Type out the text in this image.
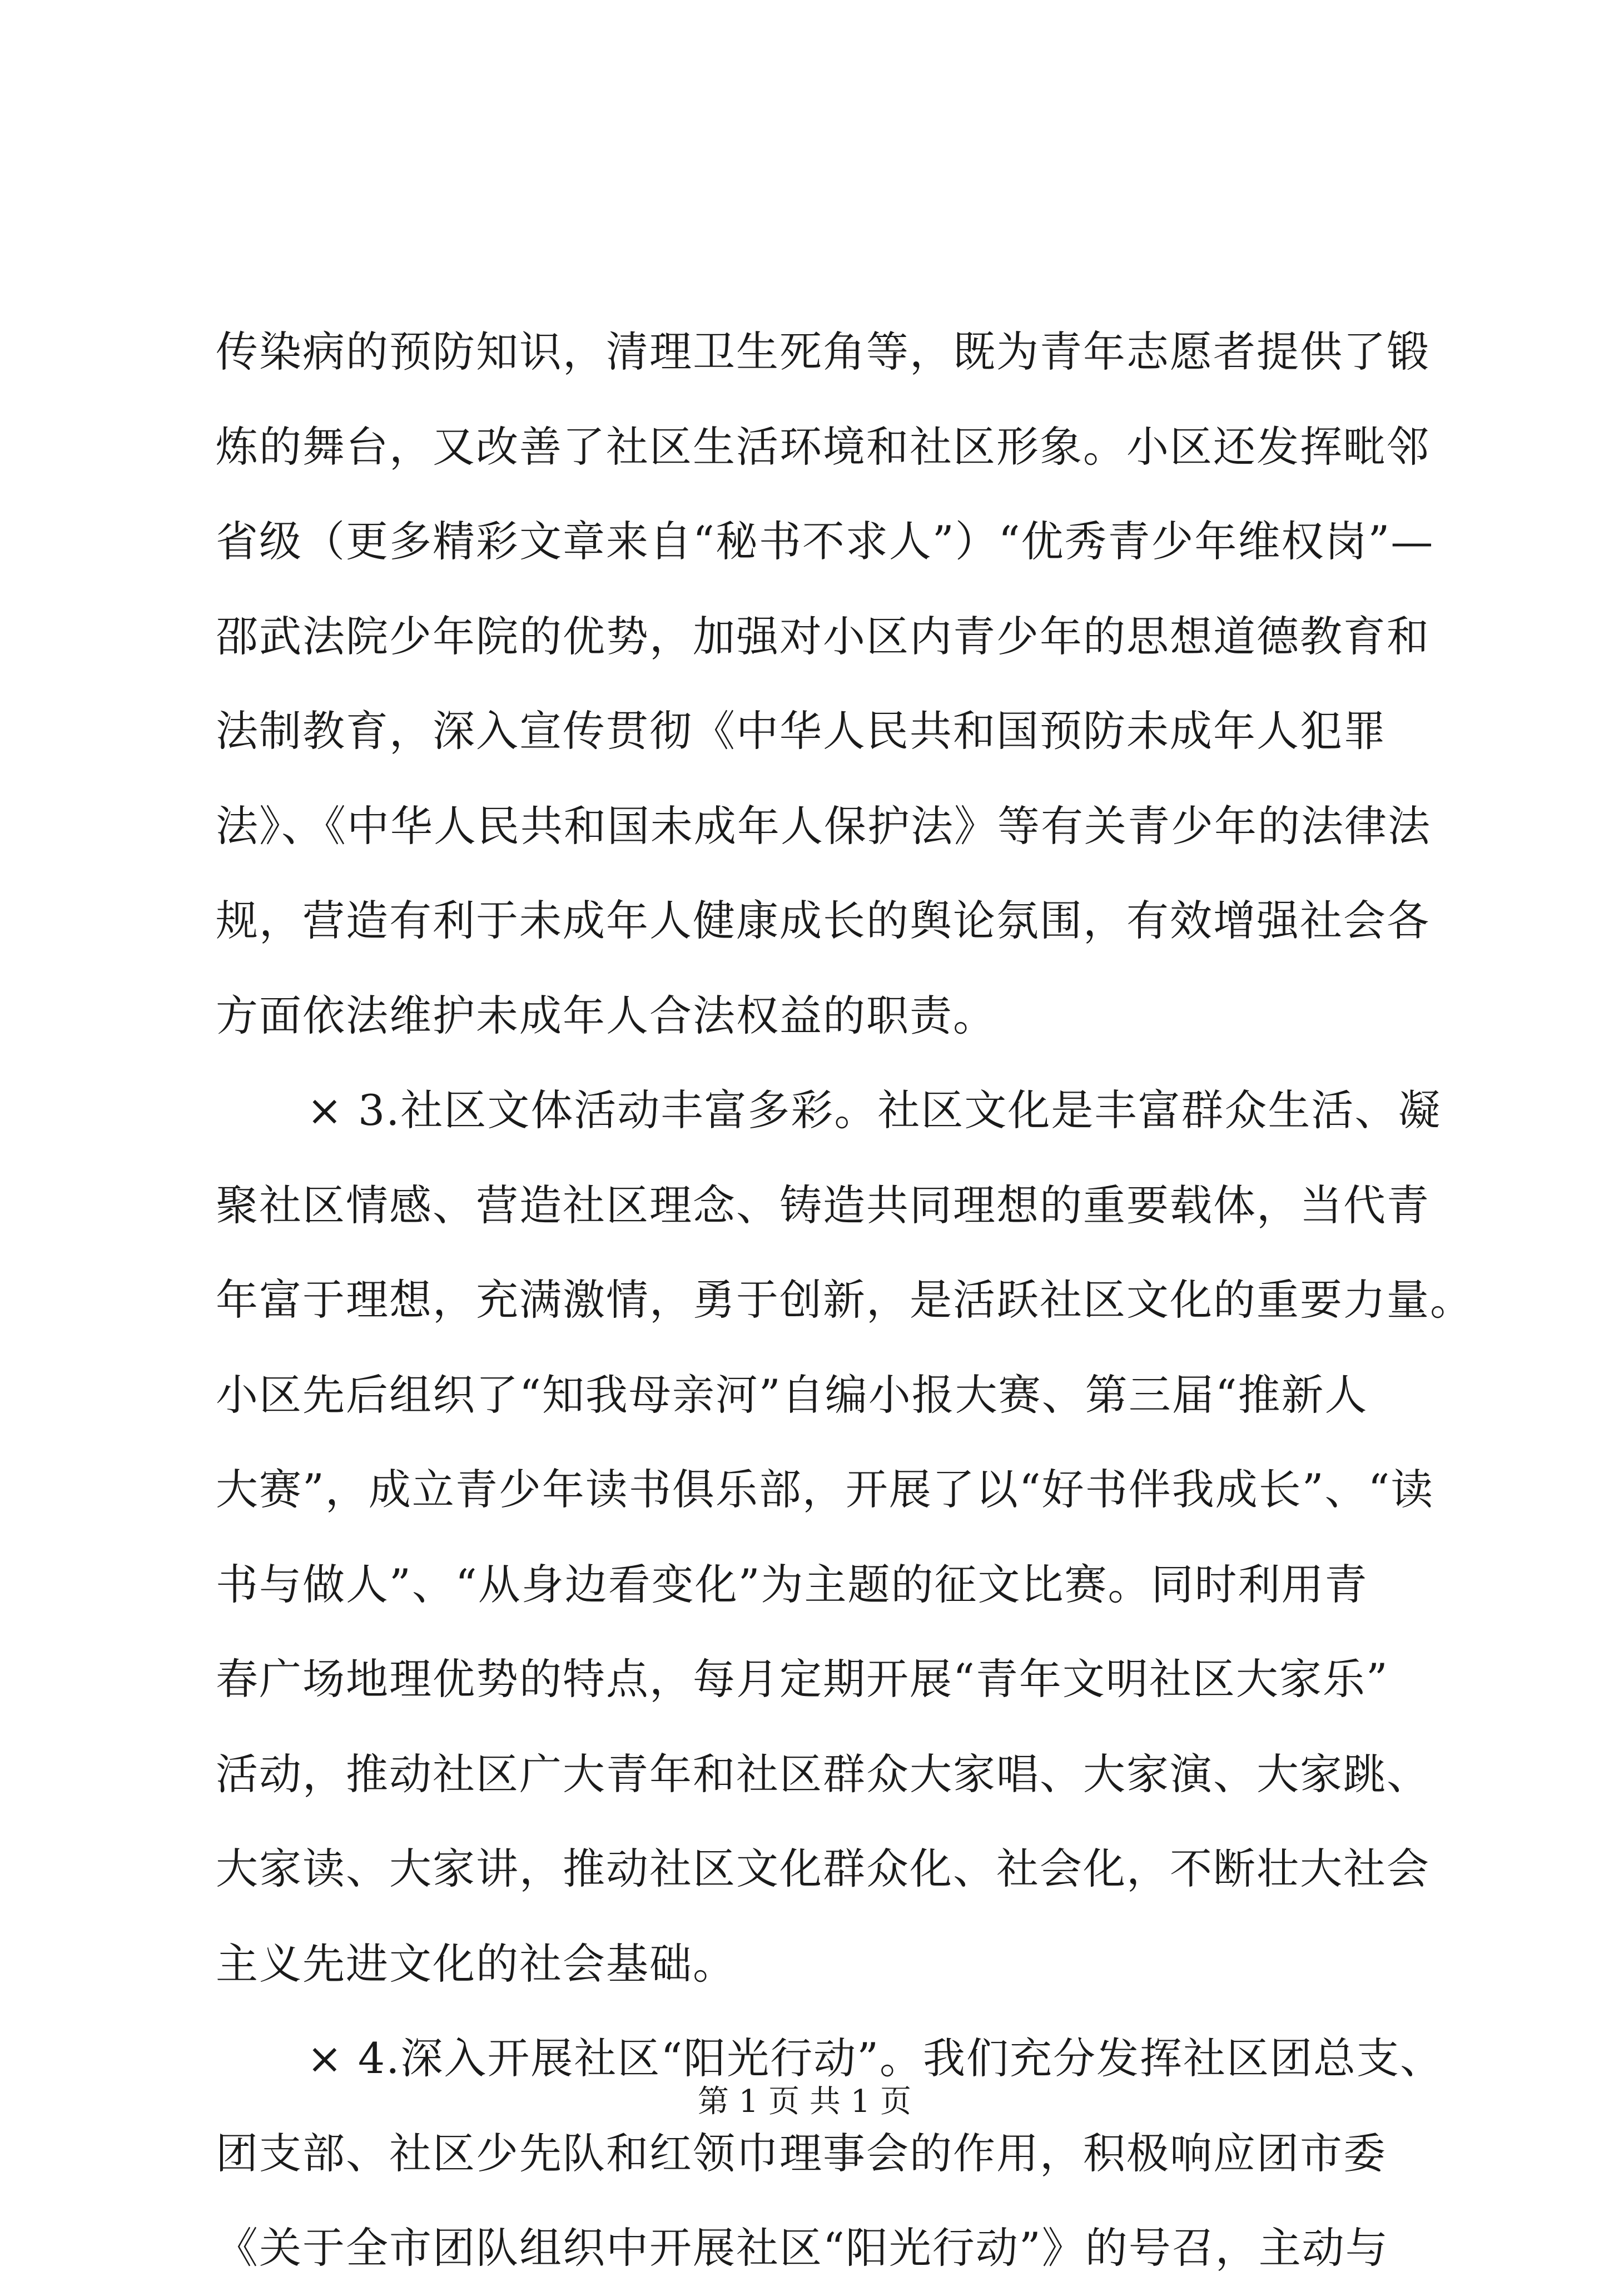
传染病的预防知识，清理卫生死角等，既为青年志愿者提供了锻
炼的舞台，又改善了社区生活环境和社区形象。小区还发挥毗邻
省级（更多精彩文章来自“秘书不求人”）“优秀青少年维权岗”—
邵武法院少年院的优势，加强对小区内青少年的思想道德教育和
法制教育，深入宣传贯彻《中华人民共和国预防未成年人犯罪
法》、《中华人民共和国未成年人保护法》等有关青少年的法律法
规，营造有利于未成年人健康成长的舆论氛围，有效增强社会各
方面依法维护未成年人合法权益的职责。
× 3.社区文体活动丰富多彩。社区文化是丰富群众生活、凝
聚社区情感、营造社区理念、铸造共同理想的重要载体，当代青
年富于理想，充满激情，勇于创新，是活跃社区文化的重要力量。
小区先后组织了“知我母亲河”自编小报大赛、第三届“推新人
大赛”，成立青少年读书俱乐部，开展了以“好书伴我成长”、“读
书与做人”、“从身边看变化”为主题的征文比赛。同时利用青
春广场地理优势的特点，每月定期开展“青年文明社区大家乐”
活动，推动社区广大青年和社区群众大家唱、大家演、大家跳、
大家读、大家讲，推动社区文化群众化、社会化，不断壮大社会
主义先进文化的社会基础。
× 4.深入开展社区“阳光行动”。我们充分发挥社区团总支、
团支部、社区少先队和红领巾理事会的作用，积极响应团市委
《关于全市团队组织中开展社区“阳光行动”》的号召，主动与
第 1 页 共 1 页
